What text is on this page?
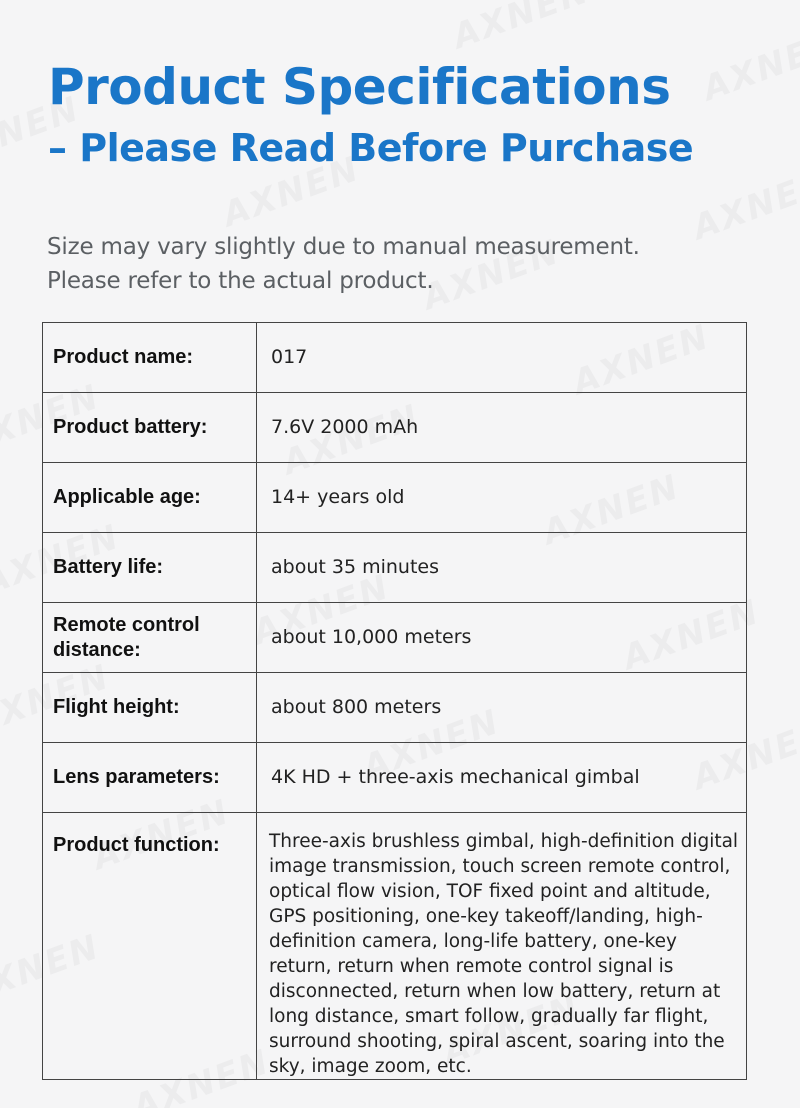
Product Specifications
– Please Read Before Purchase
Size may vary slightly due to manual measurement.
Please refer to the actual product.
Product name:	017
Product battery:	7.6V 2000 mAh
Applicable age:	14+ years old
Battery life:	about 35 minutes
Remote control distance:	about 10,000 meters
Flight height:	about 800 meters
Lens parameters:	4K HD + three-axis mechanical gimbal
Product function:	Three-axis brushless gimbal, high-definition digital image transmission, touch screen remote control, optical flow vision, TOF fixed point and altitude, GPS positioning, one-key takeoff/landing, high-definition camera, long-life battery, one-key return, return when remote control signal is disconnected, return when low battery, return at long distance, smart follow, gradually far flight, surround shooting, spiral ascent, soaring into the sky, image zoom, etc.
